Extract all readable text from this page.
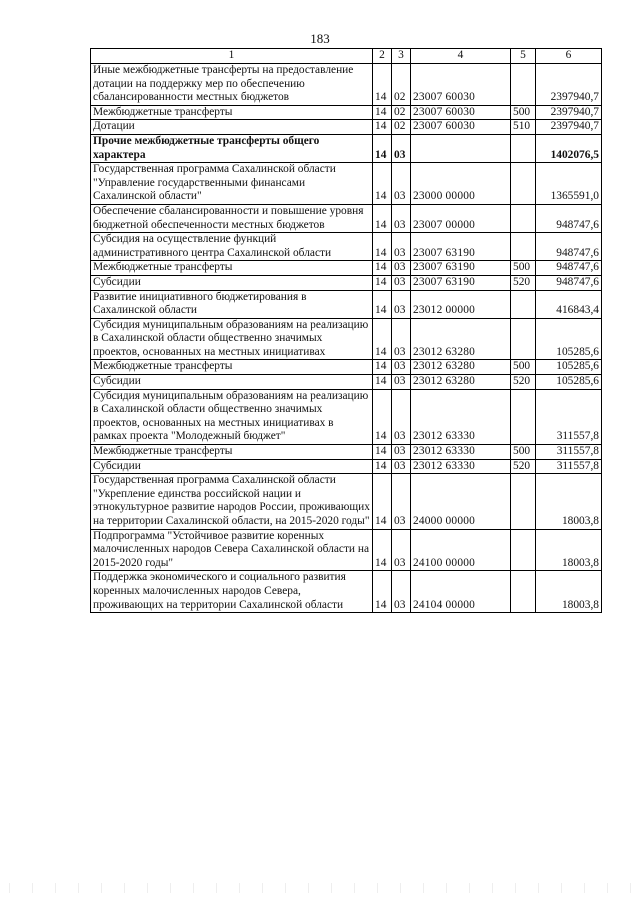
183
1	2	3	4	5	6
Иные межбюджетные трансферты на предоставление дотации на поддержку мер по обеспечению сбалансированности местных бюджетов	14	02	23007 60030		2397940,7
Межбюджетные трансферты	14	02	23007 60030	500	2397940,7
Дотации	14	02	23007 60030	510	2397940,7
Прочие межбюджетные трансферты общего характера	14	03			1402076,5
Государственная программа Сахалинской области "Управление государственными финансами Сахалинской области"	14	03	23000 00000		1365591,0
Обеспечение сбалансированности и повышение уровня бюджетной обеспеченности местных бюджетов	14	03	23007 00000		948747,6
Субсидия на осуществление функций административного центра Сахалинской области	14	03	23007 63190		948747,6
Межбюджетные трансферты	14	03	23007 63190	500	948747,6
Субсидии	14	03	23007 63190	520	948747,6
Развитие инициативного бюджетирования в Сахалинской области	14	03	23012 00000		416843,4
Субсидия муниципальным образованиям на реализацию в Сахалинской области общественно значимых проектов, основанных на местных инициативах	14	03	23012 63280		105285,6
Межбюджетные трансферты	14	03	23012 63280	500	105285,6
Субсидии	14	03	23012 63280	520	105285,6
Субсидия муниципальным образованиям на реализацию в Сахалинской области общественно значимых проектов, основанных на местных инициативах в рамках проекта "Молодежный бюджет"	14	03	23012 63330		311557,8
Межбюджетные трансферты	14	03	23012 63330	500	311557,8
Субсидии	14	03	23012 63330	520	311557,8
Государственная программа Сахалинской области "Укрепление единства российской нации и этнокультурное развитие народов России, проживающих на территории Сахалинской области, на 2015-2020 годы"	14	03	24000 00000		18003,8
Подпрограмма "Устойчивое развитие коренных малочисленных народов Севера Сахалинской области на 2015-2020 годы"	14	03	24100 00000		18003,8
Поддержка экономического и социального развития коренных малочисленных народов Севера, проживающих на территории Сахалинской области	14	03	24104 00000		18003,8
